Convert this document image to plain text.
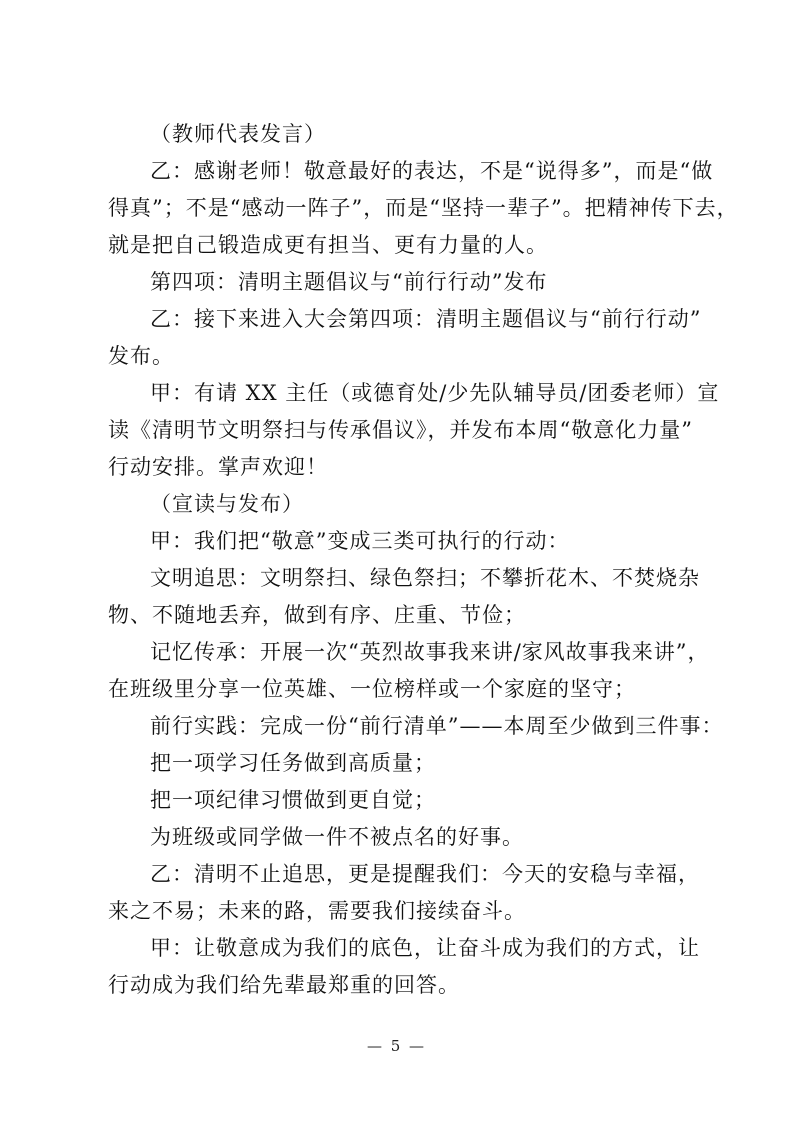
（教师代表发言）
乙：感谢老师！敬意最好的表达，不是“说得多”，而是“做
得真”；不是“感动一阵子”，而是“坚持一辈子”。把精神传下去，
就是把自己锻造成更有担当、更有力量的人。
第四项：清明主题倡议与“前行行动”发布
乙：接下来进入大会第四项：清明主题倡议与“前行行动”
发布。
甲：有请 XX 主任（或德育处/少先队辅导员/团委老师）宣
读《清明节文明祭扫与传承倡议》，并发布本周“敬意化力量”
行动安排。掌声欢迎！
（宣读与发布）
甲：我们把“敬意”变成三类可执行的行动：
文明追思：文明祭扫、绿色祭扫；不攀折花木、不焚烧杂
物、不随地丢弃，做到有序、庄重、节俭；
记忆传承：开展一次“英烈故事我来讲/家风故事我来讲”，
在班级里分享一位英雄、一位榜样或一个家庭的坚守；
前行实践：完成一份“前行清单”——本周至少做到三件事：
把一项学习任务做到高质量；
把一项纪律习惯做到更自觉；
为班级或同学做一件不被点名的好事。
乙：清明不止追思，更是提醒我们：今天的安稳与幸福，
来之不易；未来的路，需要我们接续奋斗。
甲：让敬意成为我们的底色，让奋斗成为我们的方式，让
行动成为我们给先辈最郑重的回答。
— 5 —
